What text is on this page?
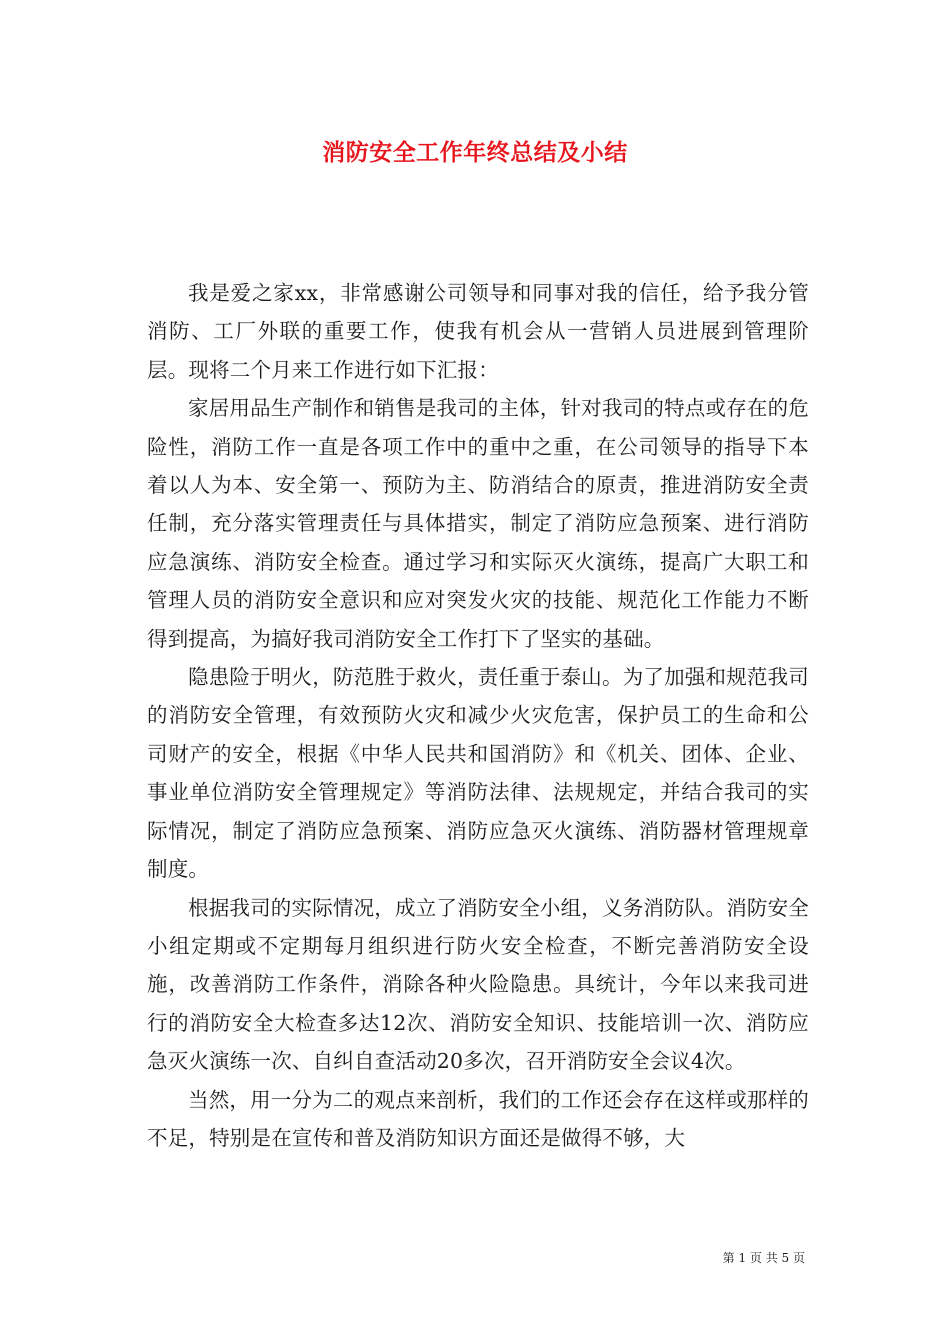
消防安全工作年终总结及小结

我是爱之家xx，非常感谢公司领导和同事对我的信任，给予我分管消防、工厂外联的重要工作，使我有机会从一营销人员进展到管理阶层。现将二个月来工作进行如下汇报：

家居用品生产制作和销售是我司的主体，针对我司的特点或存在的危险性，消防工作一直是各项工作中的重中之重，在公司领导的指导下本着以人为本、安全第一、预防为主、防消结合的原责，推进消防安全责任制，充分落实管理责任与具体措实，制定了消防应急预案、进行消防应急演练、消防安全检查。通过学习和实际灭火演练，提高广大职工和管理人员的消防安全意识和应对突发火灾的技能、规范化工作能力不断得到提高，为搞好我司消防安全工作打下了坚实的基础。

隐患险于明火，防范胜于救火，责任重于泰山。为了加强和规范我司的消防安全管理，有效预防火灾和减少火灾危害，保护员工的生命和公司财产的安全，根据《中华人民共和国消防》和《机关、团体、企业、事业单位消防安全管理规定》等消防法律、法规规定，并结合我司的实际情况，制定了消防应急预案、消防应急灭火演练、消防器材管理规章制度。

根据我司的实际情况，成立了消防安全小组，义务消防队。消防安全小组定期或不定期每月组织进行防火安全检查，不断完善消防安全设施，改善消防工作条件，消除各种火险隐患。具统计，今年以来我司进行的消防安全大检查多达12次、消防安全知识、技能培训一次、消防应急灭火演练一次、自纠自查活动20多次，召开消防安全会议4次。

当然，用一分为二的观点来剖析，我们的工作还会存在这样或那样的不足，特别是在宣传和普及消防知识方面还是做得不够，大

第 1 页 共 5 页
